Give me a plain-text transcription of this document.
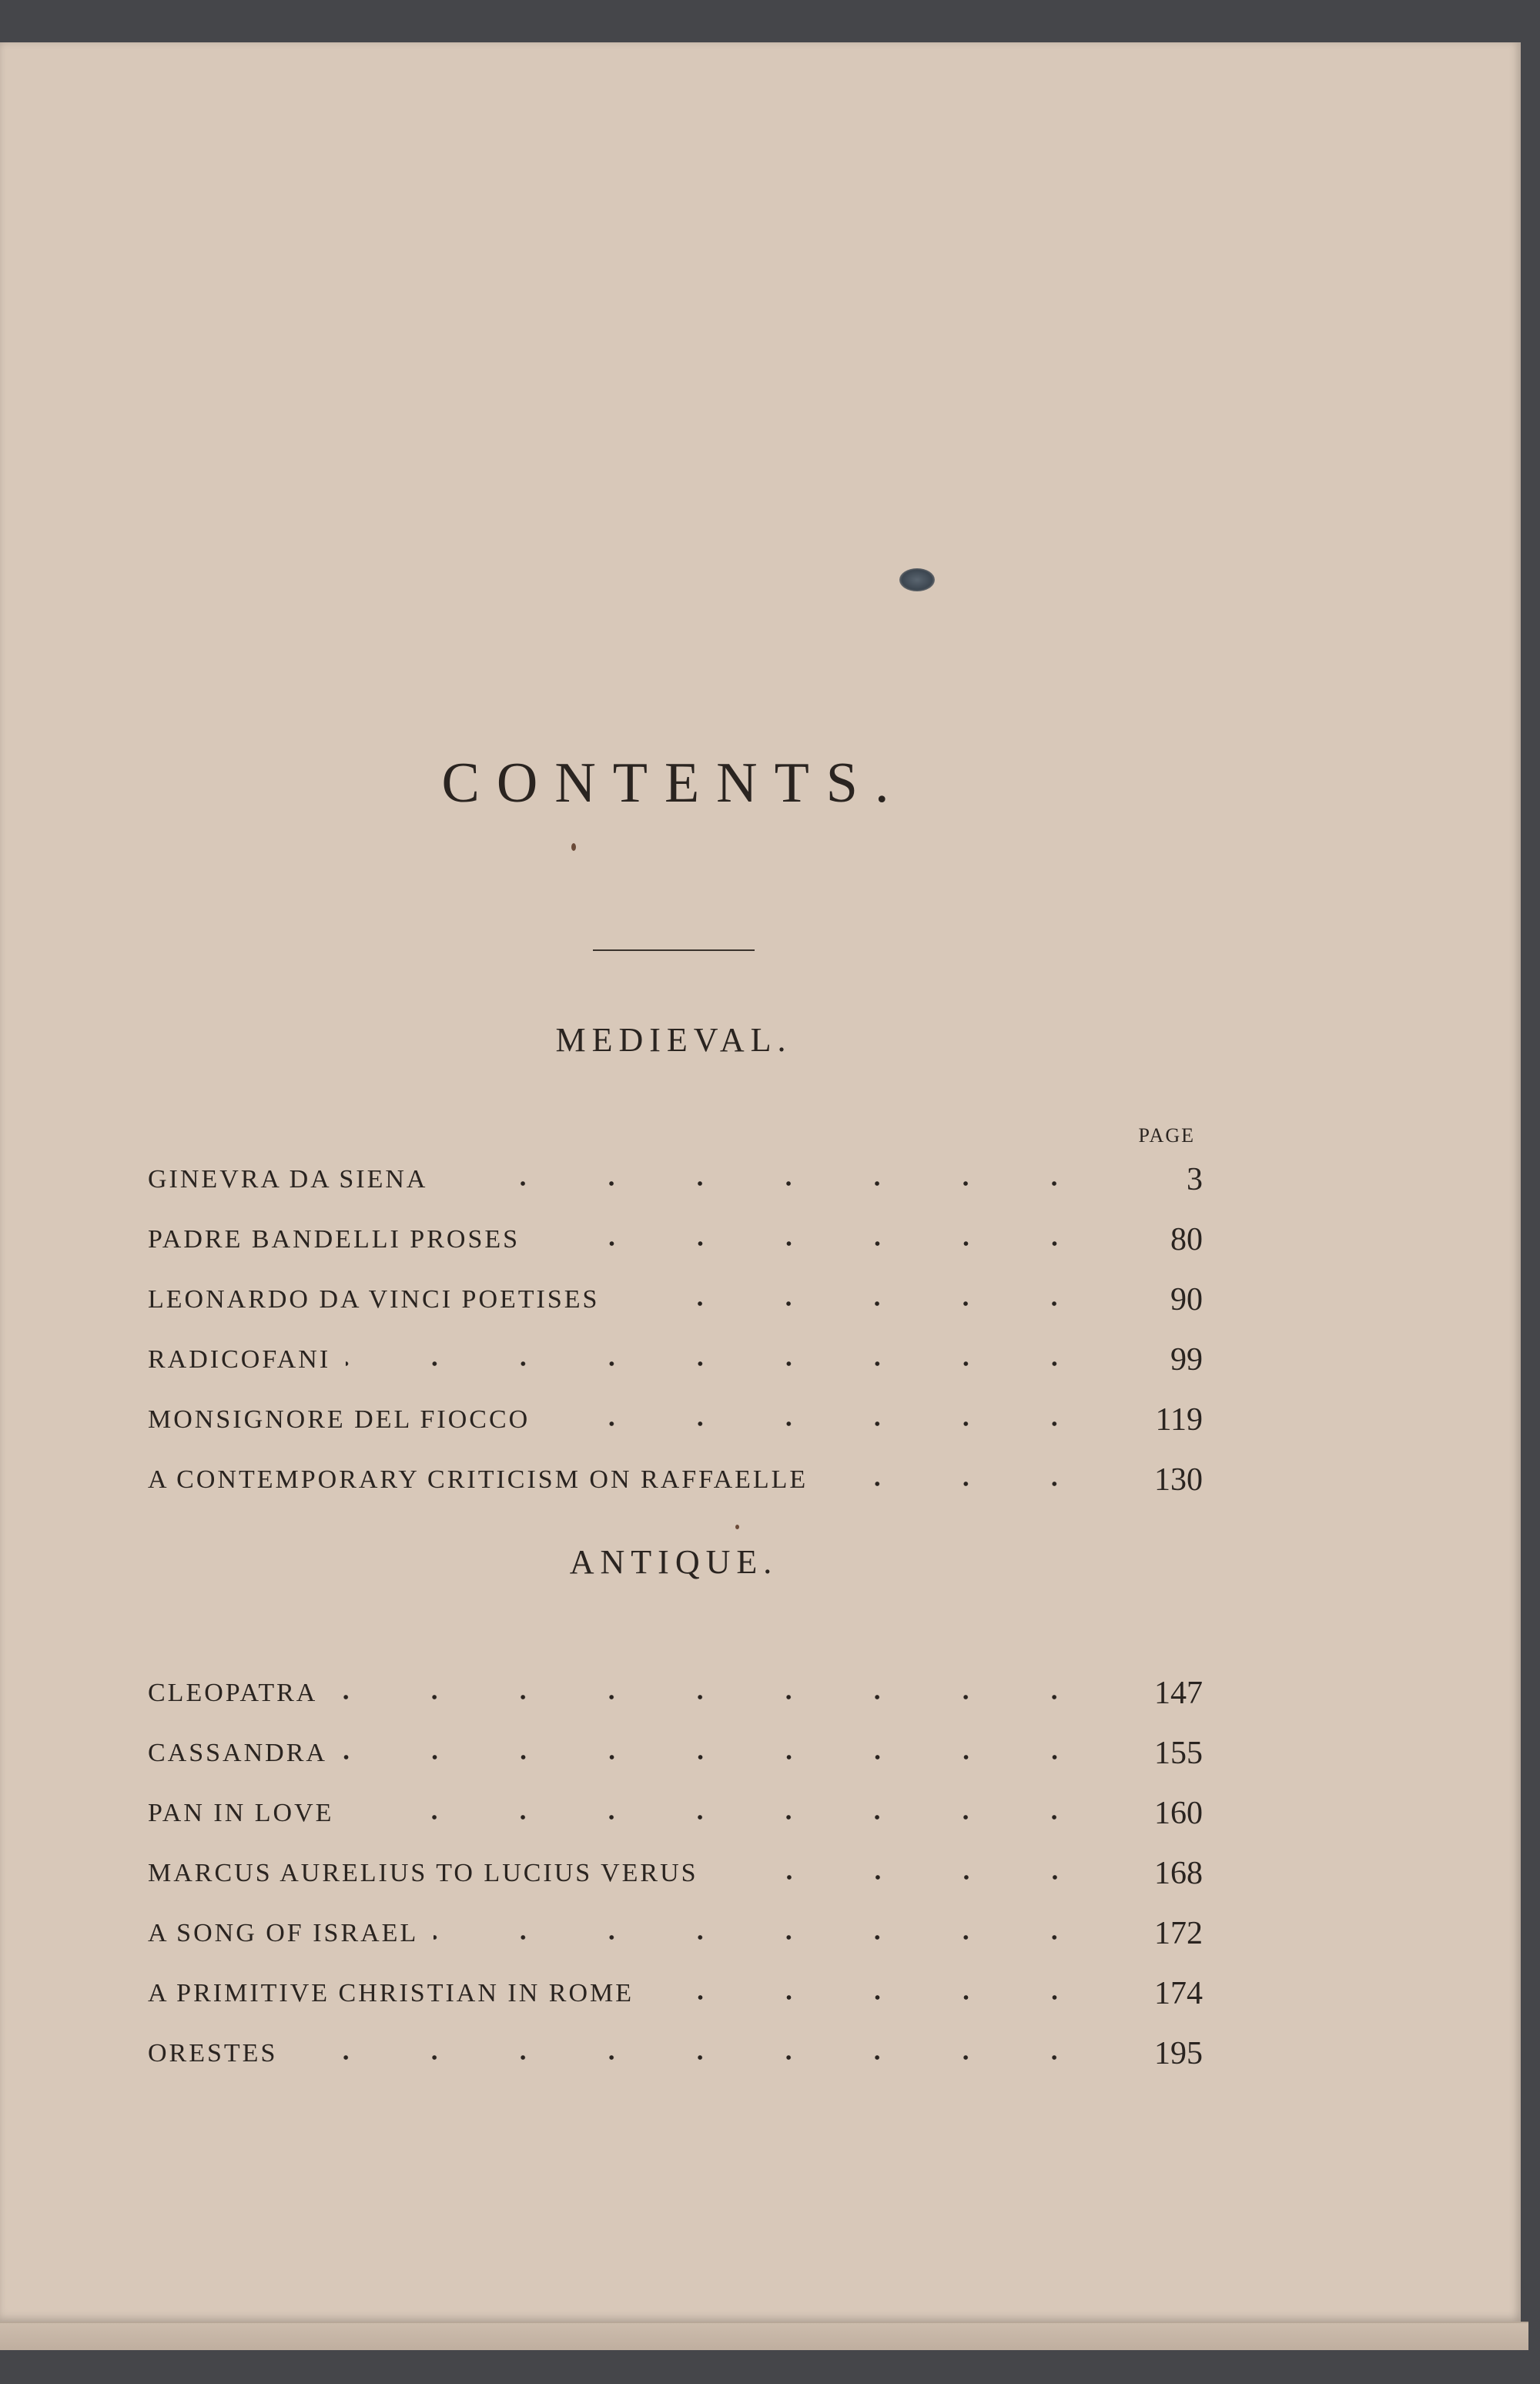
CONTENTS.
MEDIEVAL.
PAGE
GINEVRA DA SIENA	3
PADRE BANDELLI PROSES	80
LEONARDO DA VINCI POETISES	90
RADICOFANI	99
MONSIGNORE DEL FIOCCO	119
A CONTEMPORARY CRITICISM ON RAFFAELLE	130
ANTIQUE.
CLEOPATRA	147
CASSANDRA	155
PAN IN LOVE	160
MARCUS AURELIUS TO LUCIUS VERUS	168
A SONG OF ISRAEL	172
A PRIMITIVE CHRISTIAN IN ROME	174
ORESTES	195
